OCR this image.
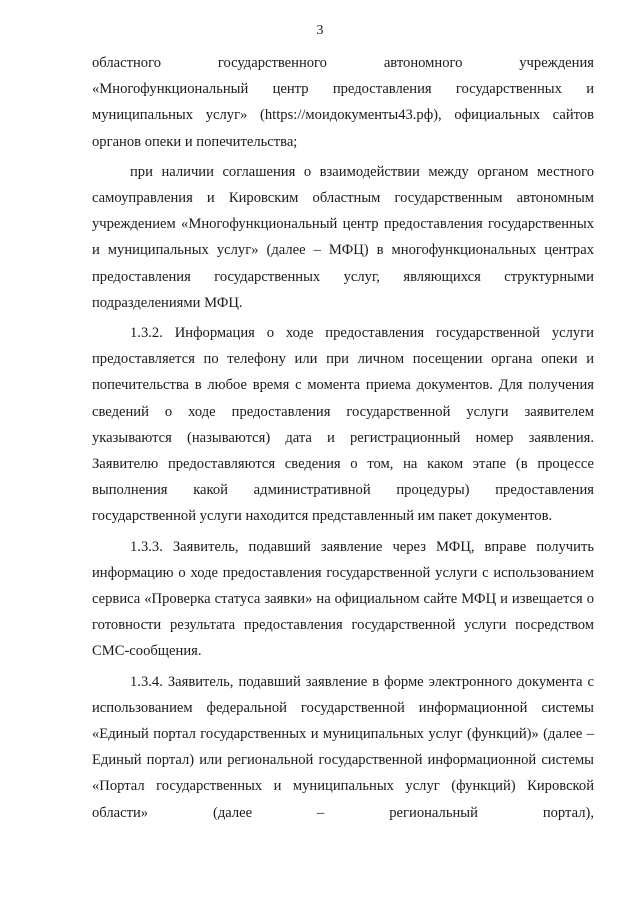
3

областного государственного автономного учреждения «Многофункциональный центр предоставления государственных и муниципальных услуг» (https://моидокументы43.рф), официальных сайтов органов опеки и попечительства;

при наличии соглашения о взаимодействии между органом местного самоуправления и Кировским областным государственным автономным учреждением «Многофункциональный центр предоставления государственных и муниципальных услуг» (далее – МФЦ) в многофункциональных центрах предоставления государственных услуг, являющихся структурными подразделениями МФЦ.

1.3.2. Информация о ходе предоставления государственной услуги предоставляется по телефону или при личном посещении органа опеки и попечительства в любое время с момента приема документов. Для получения сведений о ходе предоставления государственной услуги заявителем указываются (называются) дата и регистрационный номер заявления. Заявителю предоставляются сведения о том, на каком этапе (в процессе выполнения какой административной процедуры) предоставления государственной услуги находится представленный им пакет документов.

1.3.3. Заявитель, подавший заявление через МФЦ, вправе получить информацию о ходе предоставления государственной услуги с использованием сервиса «Проверка статуса заявки» на официальном сайте МФЦ и извещается о готовности результата предоставления государственной услуги посредством СМС-сообщения.

1.3.4. Заявитель, подавший заявление в форме электронного документа с использованием федеральной государственной информационной системы «Единый портал государственных и муниципальных услуг (функций)» (далее – Единый портал) или региональной государственной информационной системы «Портал государственных и муниципальных услуг (функций) Кировской области» (далее – региональный портал),
